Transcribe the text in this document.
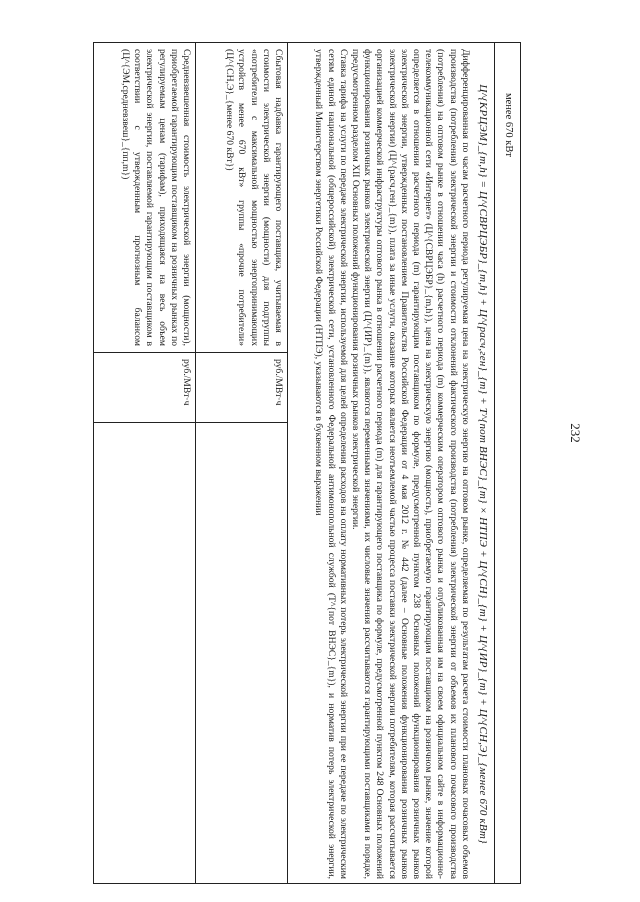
232
менее 670 кВт
Ц^{КРЦЭМ}_{m,h} = Ц^{СВРЦЭБР}_{m,h} + Ц^{расч,ген}_{m} + Т^{пот ВНЭС}_{m} × НТПЭ + Ц^{СН}_{m} + Ц^{ИР}_{m} + Ц^{СН,Э}_{менее 670 кВт}

Дифференцированная по часам расчетного периода регулируемая цена на электрическую энергию на оптовом рынке, определяемая по результатам расчета стоимости плановых почасовых объемов производства (потребления) электрической энергии и стоимости отклонений фактического производства (потребления) электрической энергии от объемов их планового почасового производства (потребления) на оптовом рынке в отношении часа (h) расчетного периода (m) коммерческим оператором оптового рынка и опубликованная им на своем официальном сайте в информационно-телекоммуникационной сети «Интернет» (Ц^{СВРЦЭБР}_{m,h}), цена на электрическую энергию (мощность), приобретаемую гарантирующим поставщиком на розничном рынке, значение которой определяется в отношении расчетного периода (m) гарантирующим поставщиком по формуле, предусмотренной пунктом 238 Основных положений функционирования розничных рынков электрической энергии, утвержденных постановлением Правительства Российской Федерации от 4 мая 2012 г. № 442 (далее – Основные положения функционирования розничных рынков электрической энергии) (Ц^{расч,ген}_{m}), плата за иные услуги, оказание которых является неотъемлемой частью процесса поставки электрической энергии потребителям, которая рассчитывается организацией коммерческой инфраструктуры оптового рынка в отношении расчетного периода (m) для гарантирующего поставщика по формуле, предусмотренной пунктом 248 Основных положений функционирования розничных рынков электрической энергии (Ц^{ИР}_{m}), являются переменными значениями, их числовые значения рассчитываются гарантирующими поставщиками в порядке, предусмотренном разделом XII Основных положений функционирования розничных рынков электрической энергии.

Ставка тарифа на услуги по передаче электрической энергии, используемой для целей определения расходов на оплату нормативных потерь электрической энергии при ее передаче по электрическим сетям единой национальной (общероссийской) электрической сети, установленного Федеральной антимонопольной службой (Т^{пот ВНЭС}_{m}), и норматив потерь электрической энергии, утвержденный Министерством энергетики Российской Федерации (НТПЭ), указываются в буквенном выражении

Сбытовая надбавка гарантирующего поставщика, учитываемая в стоимости электрической энергии (мощности) для подгруппы «потребители с максимальной мощностью энергопринимающих устройств менее 670 кВт» группы «прочие потребители» (Ц^{СН,Э}_{менее 670 кВт})

руб./МВт·ч

Средневзвешенная стоимость электрической энергии (мощности), приобретаемой гарантирующим поставщиком на розничных рынках по регулируемым ценам (тарифам), приходящаяся на весь объем электрической энергии, поставляемой гарантирующим поставщиком в соответствии с утвержденным прогнозным балансом (Ц^{ЭМ,средневзвеш}_{пп,m})

руб./МВт·ч
